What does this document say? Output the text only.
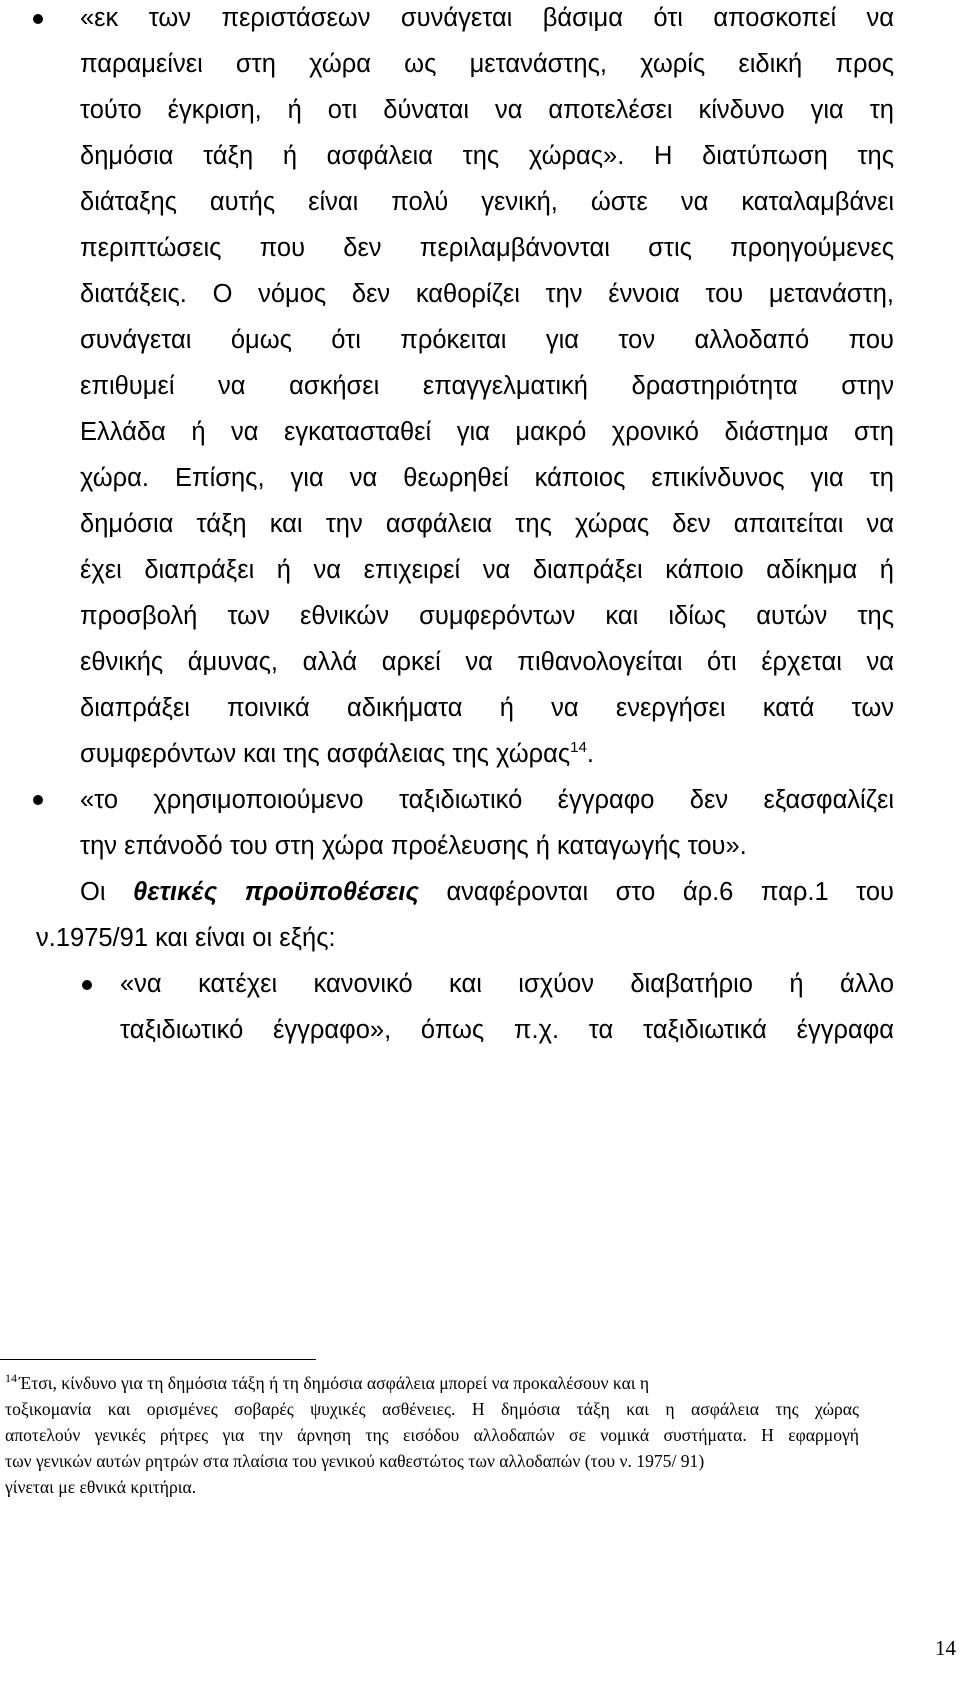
«εκ των περιστάσεων συνάγεται βάσιμα ότι αποσκοπεί να
παραμείνει στη χώρα ως μετανάστης, χωρίς ειδική προς
τούτο έγκριση, ή οτι δύναται να αποτελέσει κίνδυνο για τη
δημόσια τάξη ή ασφάλεια της χώρας». Η διατύπωση της
διάταξης αυτής είναι πολύ γενική, ώστε να καταλαμβάνει
περιπτώσεις που δεν περιλαμβάνονται στις προηγούμενες
διατάξεις. Ο νόμος δεν καθορίζει την έννοια του μετανάστη,
συνάγεται όμως ότι πρόκειται για τον αλλοδαπό που
επιθυμεί να ασκήσει επαγγελματική δραστηριότητα στην
Ελλάδα ή να εγκατασταθεί για μακρό χρονικό διάστημα στη
χώρα. Επίσης, για να θεωρηθεί κάποιος επικίνδυνος για τη
δημόσια τάξη και την ασφάλεια της χώρας δεν απαιτείται να
έχει διαπράξει ή να επιχειρεί να διαπράξει κάποιο αδίκημα ή
προσβολή των εθνικών συμφερόντων και ιδίως αυτών της
εθνικής άμυνας, αλλά αρκεί να πιθανολογείται ότι έρχεται να
διαπράξει ποινικά αδικήματα ή να ενεργήσει κατά των
συμφερόντων και της ασφάλειας της χώρας$^{14}$.
«το χρησιμοποιούμενο ταξιδιωτικό έγγραφο δεν εξασφαλίζει
την επάνοδό του στη χώρα προέλευσης ή καταγωγής του».
Οι θετικές προϋποθέσεις αναφέρονται στο άρ.6 παρ.1 του
ν.1975/91 και είναι οι εξής:
«να κατέχει κανονικό και ισχύον διαβατήριο ή άλλο
ταξιδιωτικό έγγραφο», όπως π.χ. τα ταξιδιωτικά έγγραφα
$^{14}$ Έτσι, κίνδυνο για τη δημόσια τάξη ή τη δημόσια ασφάλεια μπορεί να προκαλέσουν και η
τοξικομανία και ορισμένες σοβαρές ψυχικές ασθένειες. Η δημόσια τάξη και η ασφάλεια της χώρας
αποτελούν γενικές ρήτρες για την άρνηση της εισόδου αλλοδαπών σε νομικά συστήματα. Η εφαρμογή
των γενικών αυτών ρητρών στα πλαίσια του γενικού καθεστώτος των αλλοδαπών (του ν. 1975/ 91)
γίνεται με εθνικά κριτήρια.
14
